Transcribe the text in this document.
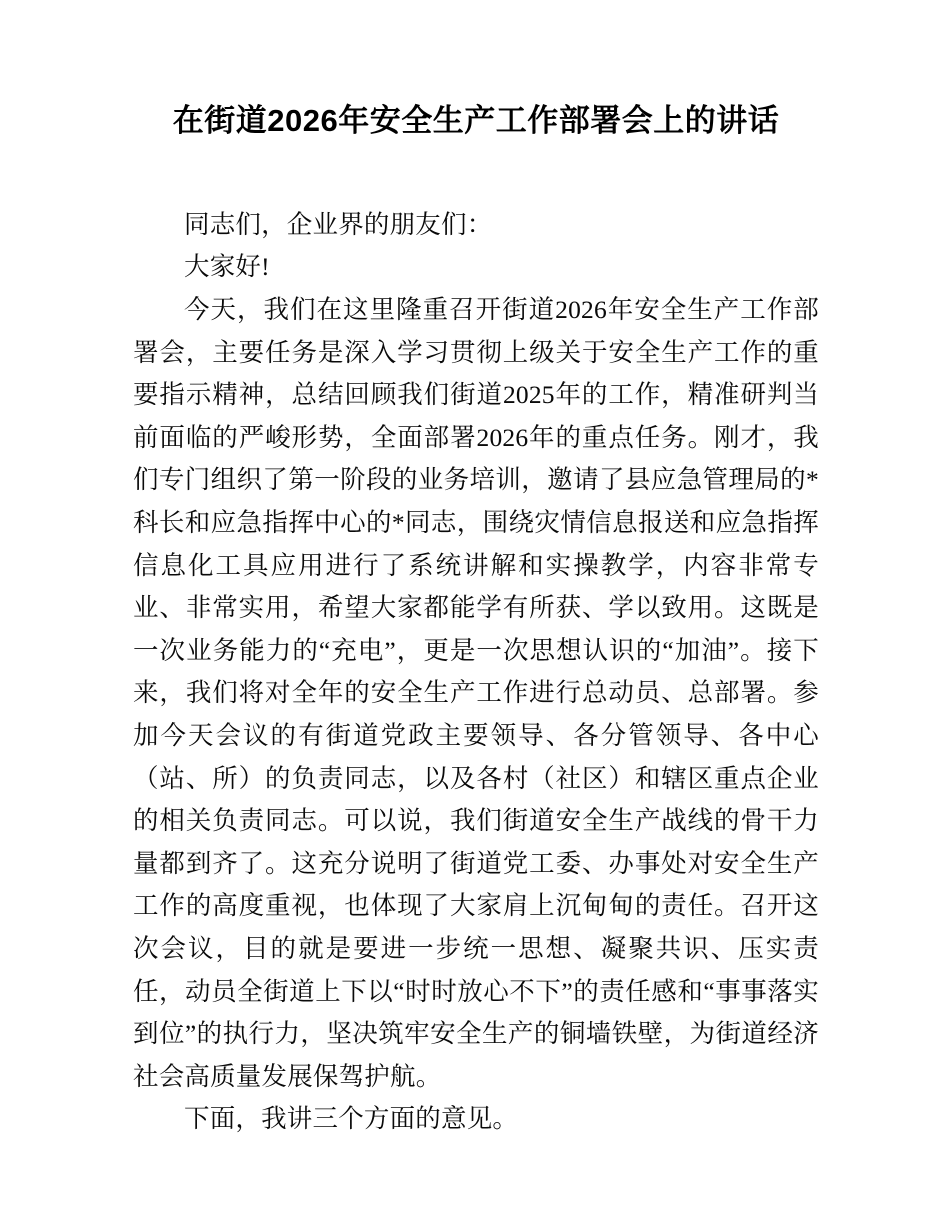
在街道2026年安全生产工作部署会上的讲话

同志们，企业界的朋友们：

大家好!

今天，我们在这里隆重召开街道2026年安全生产工作部署会，主要任务是深入学习贯彻上级关于安全生产工作的重要指示精神，总结回顾我们街道2025年的工作，精准研判当前面临的严峻形势，全面部署2026年的重点任务。刚才，我们专门组织了第一阶段的业务培训，邀请了县应急管理局的*科长和应急指挥中心的*同志，围绕灾情信息报送和应急指挥信息化工具应用进行了系统讲解和实操教学，内容非常专业、非常实用，希望大家都能学有所获、学以致用。这既是一次业务能力的“充电”，更是一次思想认识的“加油”。接下来，我们将对全年的安全生产工作进行总动员、总部署。参加今天会议的有街道党政主要领导、各分管领导、各中心（站、所）的负责同志，以及各村（社区）和辖区重点企业的相关负责同志。可以说，我们街道安全生产战线的骨干力量都到齐了。这充分说明了街道党工委、办事处对安全生产工作的高度重视，也体现了大家肩上沉甸甸的责任。召开这次会议，目的就是要进一步统一思想、凝聚共识、压实责任，动员全街道上下以“时时放心不下”的责任感和“事事落实到位”的执行力，坚决筑牢安全生产的铜墙铁壁，为街道经济社会高质量发展保驾护航。

下面，我讲三个方面的意见。
